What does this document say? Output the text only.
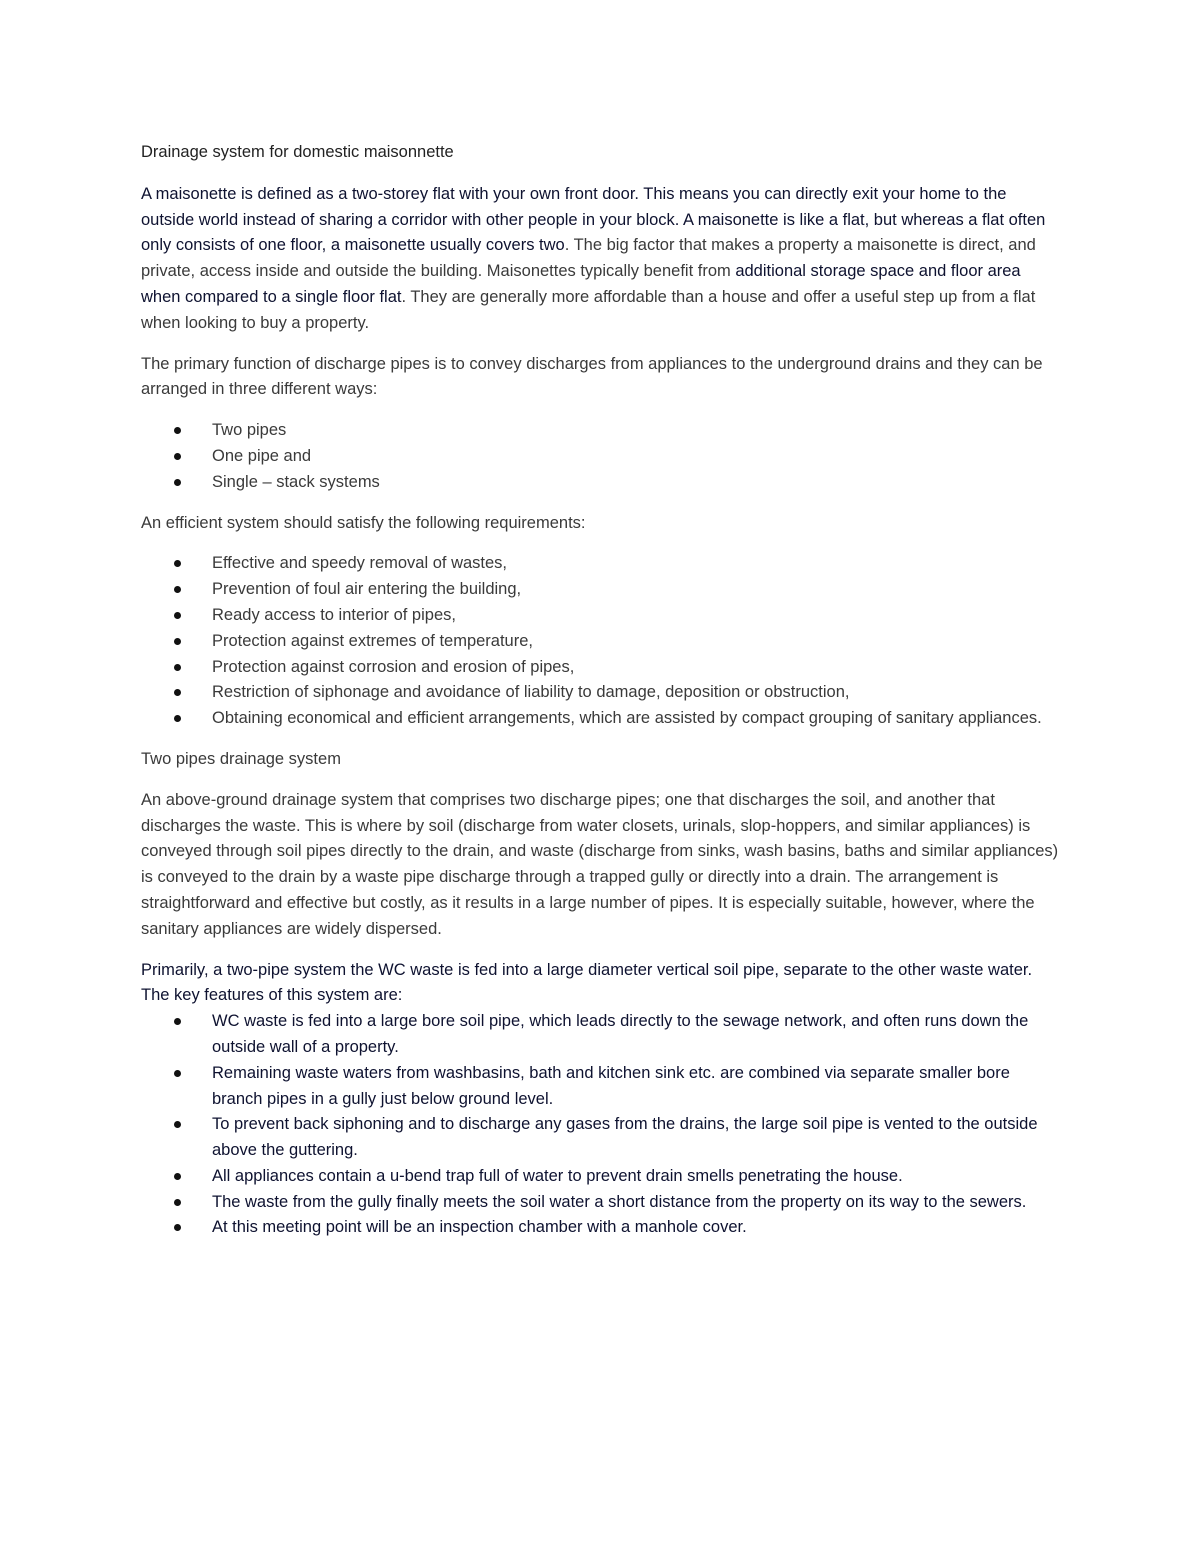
Drainage system for domestic maisonnette

A maisonette is defined as a two-storey flat with your own front door. This means you can directly exit your home to the outside world instead of sharing a corridor with other people in your block. A maisonette is like a flat, but whereas a flat often only consists of one floor, a maisonette usually covers two. The big factor that makes a property a maisonette is direct, and private, access inside and outside the building. Maisonettes typically benefit from additional storage space and floor area when compared to a single floor flat. They are generally more affordable than a house and offer a useful step up from a flat when looking to buy a property.

The primary function of discharge pipes is to convey discharges from appliances to the underground drains and they can be arranged in three different ways:

Two pipes
One pipe and
Single – stack systems

An efficient system should satisfy the following requirements:

Effective and speedy removal of wastes,
Prevention of foul air entering the building,
Ready access to interior of pipes,
Protection against extremes of temperature,
Protection against corrosion and erosion of pipes,
Restriction of siphonage and avoidance of liability to damage, deposition or obstruction,
Obtaining economical and efficient arrangements, which are assisted by compact grouping of sanitary appliances.

Two pipes drainage system

An above-ground drainage system that comprises two discharge pipes; one that discharges the soil, and another that discharges the waste. This is where by soil (discharge from water closets, urinals, slop-hoppers, and similar appliances) is conveyed through soil pipes directly to the drain, and waste (discharge from sinks, wash basins, baths and similar appliances) is conveyed to the drain by a waste pipe discharge through a trapped gully or directly into a drain. The arrangement is straightforward and effective but costly, as it results in a large number of pipes. It is especially suitable, however, where the sanitary appliances are widely dispersed.

Primarily, a two-pipe system the WC waste is fed into a large diameter vertical soil pipe, separate to the other waste water. The key features of this system are:

WC waste is fed into a large bore soil pipe, which leads directly to the sewage network, and often runs down the outside wall of a property.
Remaining waste waters from washbasins, bath and kitchen sink etc. are combined via separate smaller bore branch pipes in a gully just below ground level.
To prevent back siphoning and to discharge any gases from the drains, the large soil pipe is vented to the outside above the guttering.
All appliances contain a u-bend trap full of water to prevent drain smells penetrating the house.
The waste from the gully finally meets the soil water a short distance from the property on its way to the sewers.
At this meeting point will be an inspection chamber with a manhole cover.
